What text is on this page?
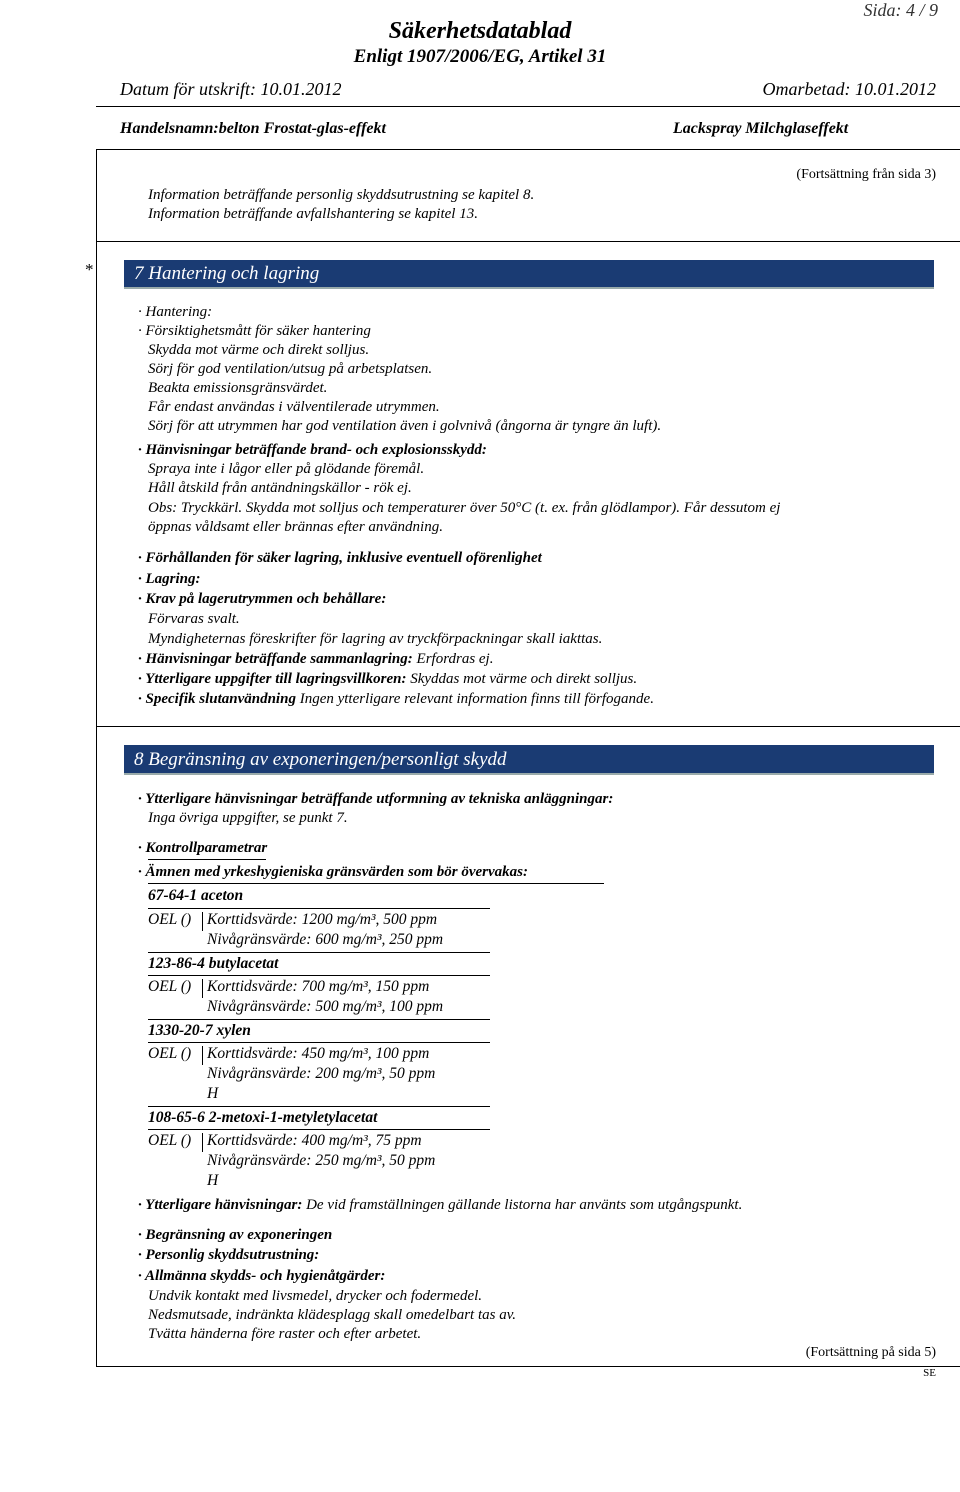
Sida: 4 / 9
Säkerhetsdatablad
Enligt 1907/2006/EG, Artikel 31
Datum för utskrift: 10.01.2012	Omarbetad: 10.01.2012
Handelsnamn:belton Frostat-glas-effekt	Lackspray Milchglaseffekt
(Fortsättning från sida 3)
Information beträffande personlig skyddsutrustning se kapitel 8.
Information beträffande avfallshantering se kapitel 13.
*	7 Hantering och lagring
· Hantering:
· Försiktighetsmått för säker hantering
Skydda mot värme och direkt solljus.
Sörj för god ventilation/utsug på arbetsplatsen.
Beakta emissionsgränsvärdet.
Får endast användas i välventilerade utrymmen.
Sörj för att utrymmen har god ventilation även i golvnivå (ångorna är tyngre än luft).
· Hänvisningar beträffande brand- och explosionsskydd:
Spraya inte i lågor eller på glödande föremål.
Håll åtskild från antändningskällor - rök ej.
Obs: Tryckkärl. Skydda mot solljus och temperaturer över 50°C (t. ex. från glödlampor). Får dessutom ej
öppnas våldsamt eller brännas efter användning.
· Förhållanden för säker lagring, inklusive eventuell oförenlighet
· Lagring:
· Krav på lagerutrymmen och behållare:
Förvaras svalt.
Myndigheternas föreskrifter för lagring av tryckförpackningar skall iakttas.
· Hänvisningar beträffande sammanlagring: Erfordras ej.
· Ytterligare uppgifter till lagringsvillkoren: Skyddas mot värme och direkt solljus.
· Specifik slutanvändning Ingen ytterligare relevant information finns till förfogande.
8 Begränsning av exponeringen/personligt skydd
· Ytterligare hänvisningar beträffande utformning av tekniska anläggningar:
Inga övriga uppgifter, se punkt 7.
· Kontrollparametrar
· Ämnen med yrkeshygieniska gränsvärden som bör övervakas:
67-64-1 aceton
OEL () Korttidsvärde: 1200 mg/m³, 500 ppm
Nivågränsvärde: 600 mg/m³, 250 ppm
123-86-4 butylacetat
OEL () Korttidsvärde: 700 mg/m³, 150 ppm
Nivågränsvärde: 500 mg/m³, 100 ppm
1330-20-7 xylen
OEL () Korttidsvärde: 450 mg/m³, 100 ppm
Nivågränsvärde: 200 mg/m³, 50 ppm
H
108-65-6 2-metoxi-1-metyletylacetat
OEL () Korttidsvärde: 400 mg/m³, 75 ppm
Nivågränsvärde: 250 mg/m³, 50 ppm
H
· Ytterligare hänvisningar: De vid framställningen gällande listorna har använts som utgångspunkt.
· Begränsning av exponeringen
· Personlig skyddsutrustning:
· Allmänna skydds- och hygienåtgärder:
Undvik kontakt med livsmedel, drycker och fodermedel.
Nedsmutsade, indränkta klädesplagg skall omedelbart tas av.
Tvätta händerna före raster och efter arbetet.
(Fortsättning på sida 5)
SE
